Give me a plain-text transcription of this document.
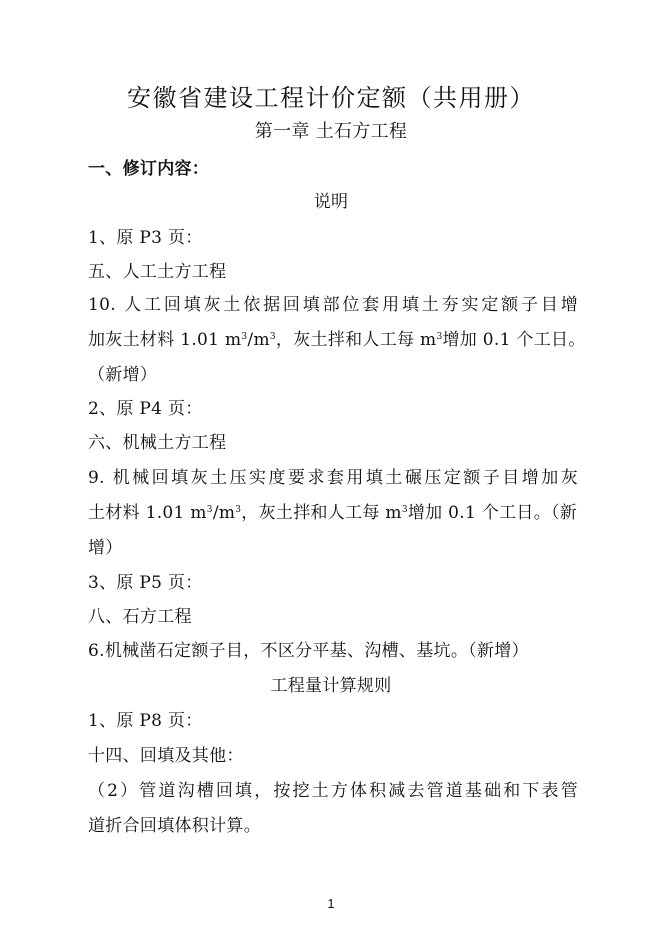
安徽省建设工程计价定额（共用册）
第一章 土石方工程
一、修订内容：
说明
1、原 P3 页：
五、人工土方工程
10. 人工回填灰土依据回填部位套用填土夯实定额子目增
加灰土材料 1.01 $m^3/m^3$，灰土拌和人工每 $m^3$增加 0.1 个工日。
（新增）
2、原 P4 页：
六、机械土方工程
9. 机械回填灰土压实度要求套用填土碾压定额子目增加灰
土材料 1.01 $m^3/m^3$，灰土拌和人工每 $m^3$增加 0.1 个工日。（新
增）
3、原 P5 页：
八、石方工程
6.机械凿石定额子目，不区分平基、沟槽、基坑。（新增）
工程量计算规则
1、原 P8 页：
十四、回填及其他：
（2）管道沟槽回填，按挖土方体积减去管道基础和下表管
道折合回填体积计算。
1
